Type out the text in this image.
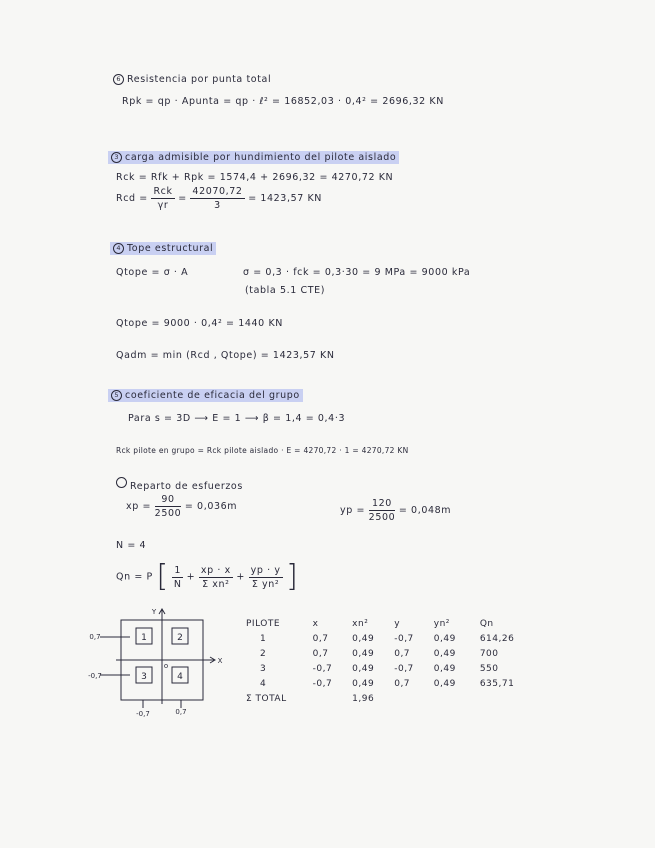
6 Resistencia por punta total
Rpk = qp · Apunta = qp · ℓ² = 16852,03 · 0,4² = 2696,32 KN
3 carga admisible por hundimiento del pilote aislado
Rck = Rfk + Rpk = 1574,4 + 2696,32 = 4270,72 KN
Rcd = $\frac{\text{Rck}}{\gamma r} = \frac{42070,72}{3} = 1423,57$ KN
4 Tope estructural
Qtope = σ · A	σ = 0,3 · fck = 0,3·30 = 9 MPa = 9000 kPa
(tabla 5.1 CTE)
Qtope = 9000 · 0,4² = 1440 KN
Qadm = min (Rcd , Qtope) = 1423,57 KN
5 coeficiente de eficacia del grupo
Para s = 3D ⟶ E = 1 ⟶ β = 1,4 = 0,4·3
Rck pilote en grupo = Rck pilote aislado · E = 4270,72 · 1 = 4270,72 KN
Reparto de esfuerzos
xp = $\frac{90}{2500} = 0,036m$	yp = $\frac{120}{2500} = 0,048m$
N = 4
Qn = P [ $\frac{1}{N} + \frac{xp \cdot x}{\text{Σ xn²}} + \frac{yp \cdot y}{\text{Σ yn²}}$ ]
1	2
3	4
Y
X
o
0,7
-0,7
-0,7	0,7
PILOTE	x	xn²	y	yn²	Qn
1	0,7	0,49	-0,7	0,49	614,26
2	0,7	0,49	0,7	0,49	700
3	-0,7	0,49	-0,7	0,49	550
4	-0,7	0,49	0,7	0,49	635,71
Σ TOTAL		1,96			
